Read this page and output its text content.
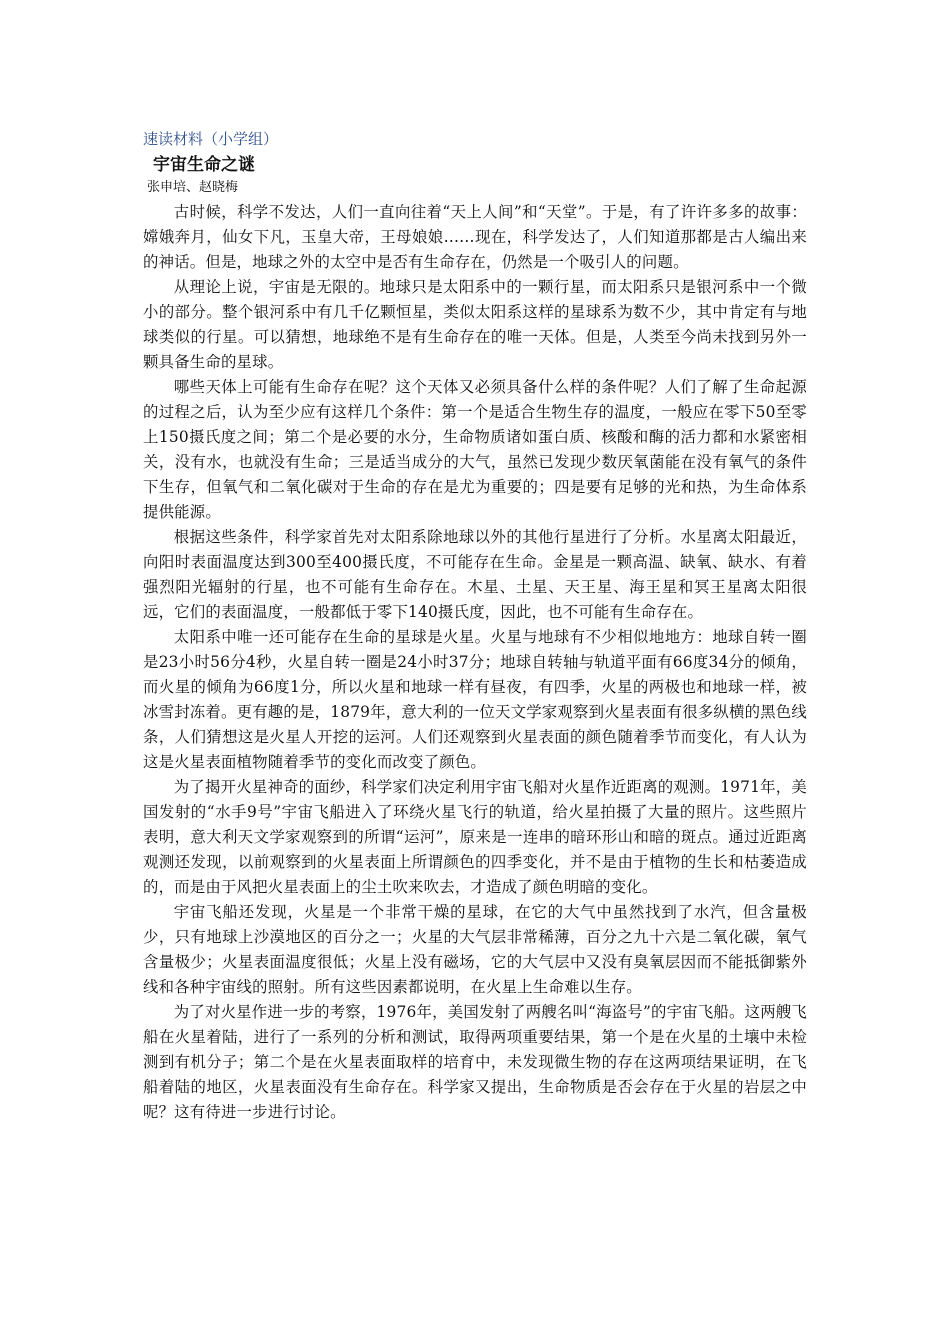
速读材料（小学组）
宇宙生命之谜
张申培、赵晓梅

古时候，科学不发达，人们一直向往着“天上人间”和“天堂”。于是，有了许许多多的故事：嫦娥奔月，仙女下凡，玉皇大帝，王母娘娘……现在，科学发达了，人们知道那都是古人编出来的神话。但是，地球之外的太空中是否有生命存在，仍然是一个吸引人的问题。

从理论上说，宇宙是无限的。地球只是太阳系中的一颗行星，而太阳系只是银河系中一个微小的部分。整个银河系中有几千亿颗恒星，类似太阳系这样的星球系为数不少，其中肯定有与地球类似的行星。可以猜想，地球绝不是有生命存在的唯一天体。但是，人类至今尚未找到另外一颗具备生命的星球。

哪些天体上可能有生命存在呢？这个天体又必须具备什么样的条件呢？人们了解了生命起源的过程之后，认为至少应有这样几个条件：第一个是适合生物生存的温度，一般应在零下50至零上150摄氏度之间；第二个是必要的水分，生命物质诸如蛋白质、核酸和酶的活力都和水紧密相关，没有水，也就没有生命；三是适当成分的大气，虽然已发现少数厌氧菌能在没有氧气的条件下生存，但氧气和二氧化碳对于生命的存在是尤为重要的；四是要有足够的光和热，为生命体系提供能源。

根据这些条件，科学家首先对太阳系除地球以外的其他行星进行了分析。水星离太阳最近，向阳时表面温度达到300至400摄氏度，不可能存在生命。金星是一颗高温、缺氧、缺水、有着强烈阳光辐射的行星，也不可能有生命存在。木星、土星、天王星、海王星和冥王星离太阳很远，它们的表面温度，一般都低于零下140摄氏度，因此，也不可能有生命存在。

太阳系中唯一还可能存在生命的星球是火星。火星与地球有不少相似地地方：地球自转一圈是23小时56分4秒，火星自转一圈是24小时37分；地球自转轴与轨道平面有66度34分的倾角，而火星的倾角为66度1分，所以火星和地球一样有昼夜，有四季，火星的两极也和地球一样，被冰雪封冻着。更有趣的是，1879年，意大利的一位天文学家观察到火星表面有很多纵横的黑色线条，人们猜想这是火星人开挖的运河。人们还观察到火星表面的颜色随着季节而变化，有人认为这是火星表面植物随着季节的变化而改变了颜色。

为了揭开火星神奇的面纱，科学家们决定利用宇宙飞船对火星作近距离的观测。1971年，美国发射的“水手9号”宇宙飞船进入了环绕火星飞行的轨道，给火星拍摄了大量的照片。这些照片表明，意大利天文学家观察到的所谓“运河”，原来是一连串的暗环形山和暗的斑点。通过近距离观测还发现，以前观察到的火星表面上所谓颜色的四季变化，并不是由于植物的生长和枯萎造成的，而是由于风把火星表面上的尘土吹来吹去，才造成了颜色明暗的变化。

宇宙飞船还发现，火星是一个非常干燥的星球，在它的大气中虽然找到了水汽，但含量极少，只有地球上沙漠地区的百分之一；火星的大气层非常稀薄，百分之九十六是二氧化碳，氧气含量极少；火星表面温度很低；火星上没有磁场，它的大气层中又没有臭氧层因而不能抵御紫外线和各种宇宙线的照射。所有这些因素都说明，在火星上生命难以生存。

为了对火星作进一步的考察，1976年，美国发射了两艘名叫“海盗号”的宇宙飞船。这两艘飞船在火星着陆，进行了一系列的分析和测试，取得两项重要结果，第一个是在火星的土壤中未检测到有机分子；第二个是在火星表面取样的培育中，未发现微生物的存在这两项结果证明，在飞船着陆的地区，火星表面没有生命存在。科学家又提出，生命物质是否会存在于火星的岩层之中呢？这有待进一步进行讨论。
